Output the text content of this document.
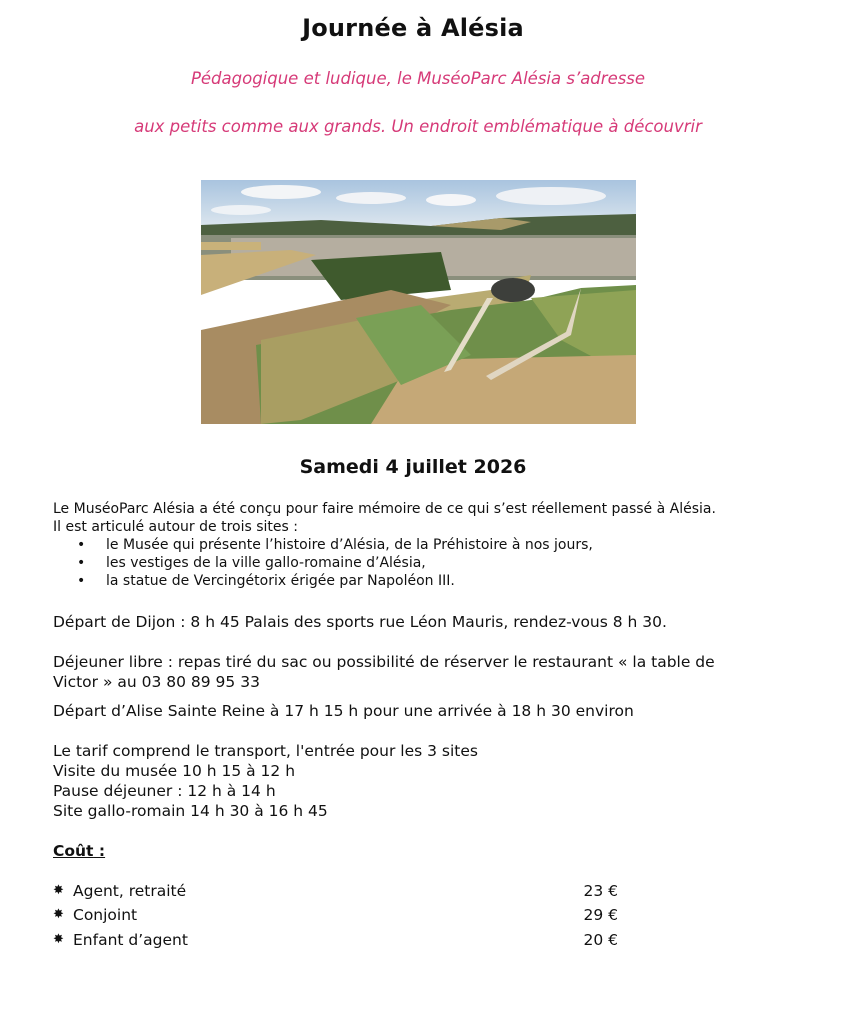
Journée à Alésia
Pédagogique et ludique, le MuséoParc Alésia s’adresse
aux petits comme aux grands. Un endroit emblématique à découvrir
Samedi 4 juillet 2026
Le MuséoParc Alésia a été conçu pour faire mémoire de ce qui s’est réellement passé à Alésia.
Il est articulé autour de trois sites :
• le Musée qui présente l’histoire d’Alésia, de la Préhistoire à nos jours,
• les vestiges de la ville gallo-romaine d’Alésia,
• la statue de Vercingétorix érigée par Napoléon III.
Départ de Dijon : 8 h 45 Palais des sports rue Léon Mauris, rendez-vous 8 h 30.
Déjeuner libre : repas tiré du sac ou possibilité de réserver le restaurant « la table de
Victor » au 03 80 89 95 33
Départ d’Alise Sainte Reine à 17 h 15 h pour une arrivée à 18 h 30 environ
Le tarif comprend le transport, l'entrée pour les 3 sites
Visite du musée 10 h 15 à 12 h
Pause déjeuner : 12 h à 14 h
Site gallo-romain 14 h 30 à 16 h 45
Coût :
✸ Agent, retraité	23 €
✸ Conjoint	29 €
✸ Enfant d’agent	20 €
